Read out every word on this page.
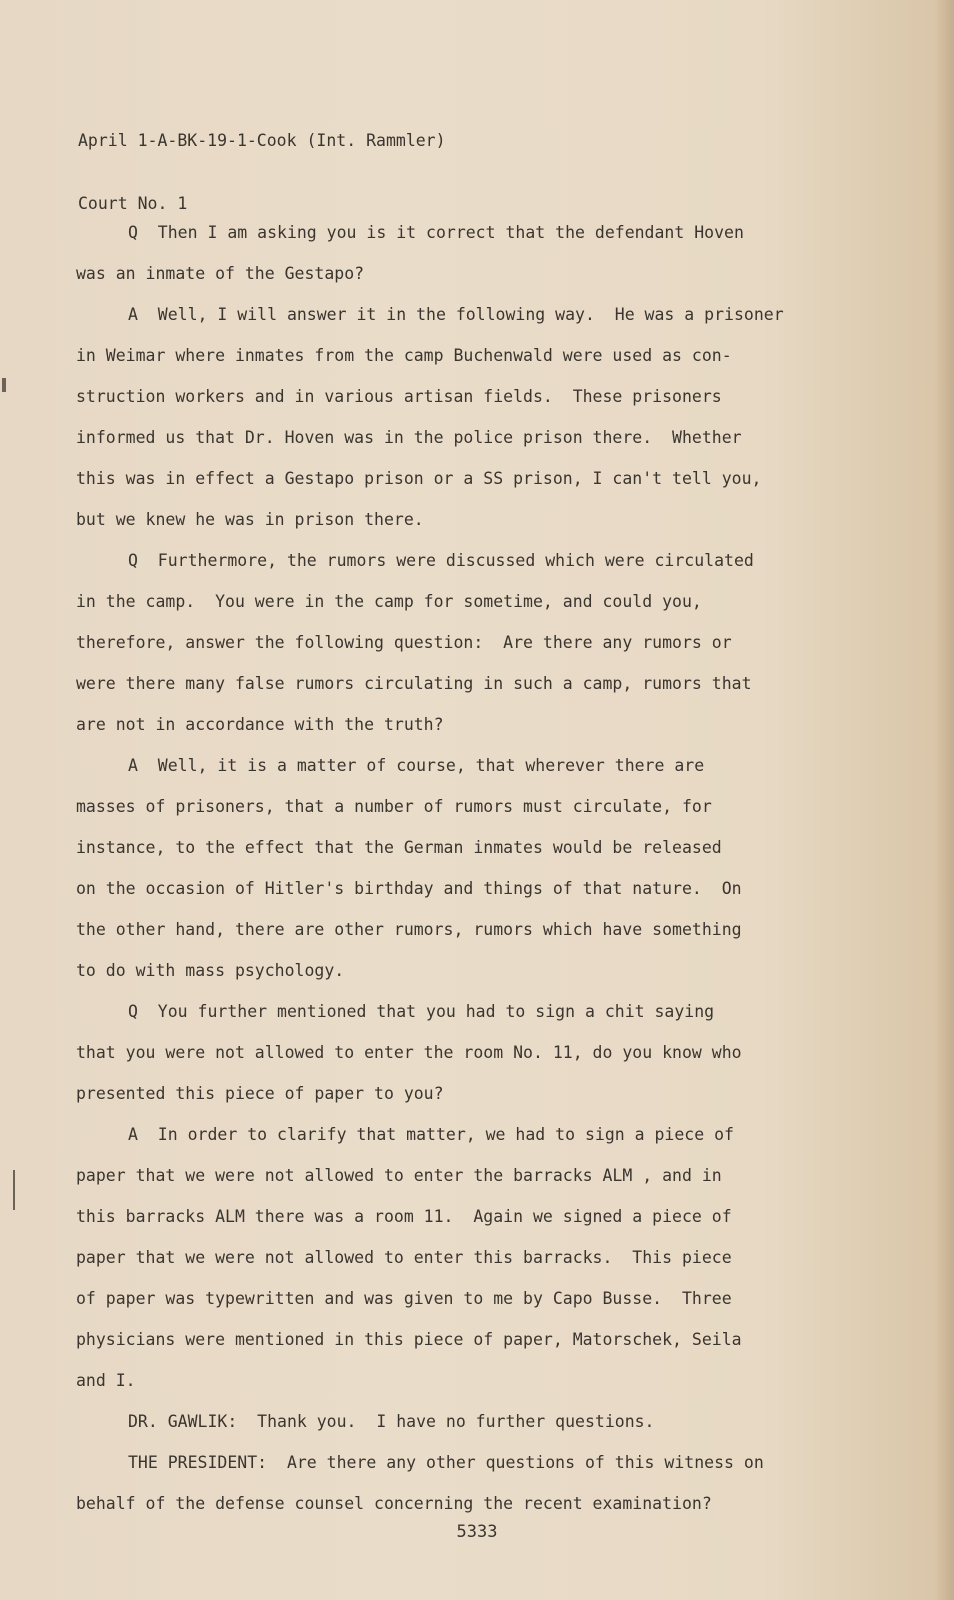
April 1-A-BK-19-1-Cook (Int. Rammler)

Court No. 1

Q  Then I am asking you is it correct that the defendant Hoven
was an inmate of the Gestapo?
A  Well, I will answer it in the following way.  He was a prisoner
in Weimar where inmates from the camp Buchenwald were used as con-
struction workers and in various artisan fields.  These prisoners
informed us that Dr. Hoven was in the police prison there.  Whether
this was in effect a Gestapo prison or a SS prison, I can't tell you,
but we knew he was in prison there.
Q  Furthermore, the rumors were discussed which were circulated
in the camp.  You were in the camp for sometime, and could you,
therefore, answer the following question:  Are there any rumors or
were there many false rumors circulating in such a camp, rumors that
are not in accordance with the truth?
A  Well, it is a matter of course, that wherever there are
masses of prisoners, that a number of rumors must circulate, for
instance, to the effect that the German inmates would be released
on the occasion of Hitler's birthday and things of that nature.  On
the other hand, there are other rumors, rumors which have something
to do with mass psychology.
Q  You further mentioned that you had to sign a chit saying
that you were not allowed to enter the room No. 11, do you know who
presented this piece of paper to you?
A  In order to clarify that matter, we had to sign a piece of
paper that we were not allowed to enter the barracks ALM , and in
this barracks ALM there was a room 11.  Again we signed a piece of
paper that we were not allowed to enter this barracks.  This piece
of paper was typewritten and was given to me by Capo Busse.  Three
physicians were mentioned in this piece of paper, Matorschek, Seila
and I.
DR. GAWLIK:  Thank you.  I have no further questions.
THE PRESIDENT:  Are there any other questions of this witness on
behalf of the defense counsel concerning the recent examination?
5333
